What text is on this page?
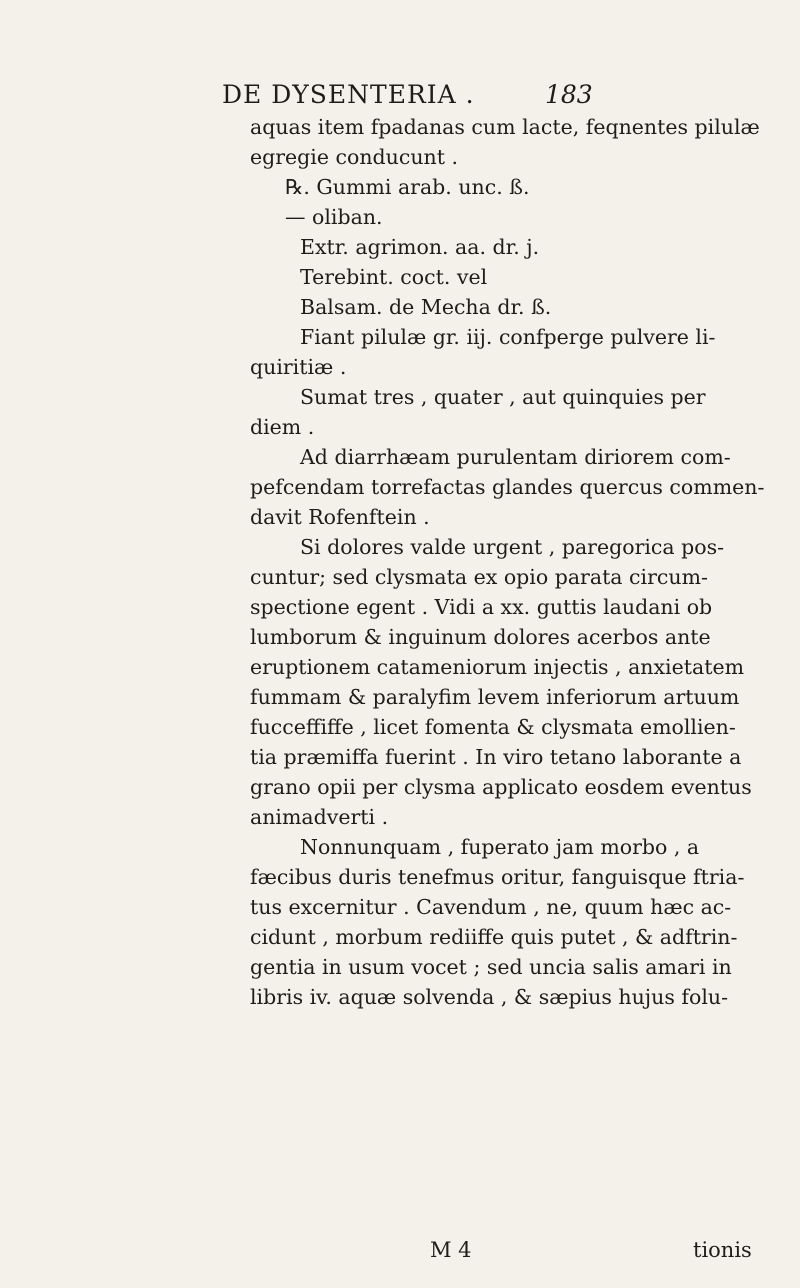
DE DYSENTERIA .	183
aquas item fpadanas cum lacte, feqnentes pilulæ
egregie conducunt .
℞. Gummi arab. unc. ß.
— oliban.
Extr. agrimon. aa. dr. j.
Terebint. coct. vel
Balsam. de Mecha dr. ß.
Fiant pilulæ gr. iij. confperge pulvere li-
quiritiæ .
Sumat tres , quater , aut quinquies per
diem .
Ad diarrhæam purulentam diriorem com-
pefcendam torrefactas glandes quercus commen-
davit Rofenftein .
Si dolores valde urgent , paregorica pos-
cuntur; sed clysmata ex opio parata circum-
spectione egent . Vidi a xx. guttis laudani ob
lumborum & inguinum dolores acerbos ante
eruptionem catameniorum injectis , anxietatem
fummam & paralyfim levem inferiorum artuum
fucceffiffe , licet fomenta & clysmata emollien-
tia præmiffa fuerint . In viro tetano laborante a
grano opii per clysma applicato eosdem eventus
animadverti .
Nonnunquam , fuperato jam morbo , a
fæcibus duris tenefmus oritur, fanguisque ftria-
tus excernitur . Cavendum , ne, quum hæc ac-
cidunt , morbum rediiffe quis putet , & adftrin-
gentia in usum vocet ; sed uncia salis amari in
libris iv. aquæ solvenda , & sæpius hujus folu-
M 4	tionis
